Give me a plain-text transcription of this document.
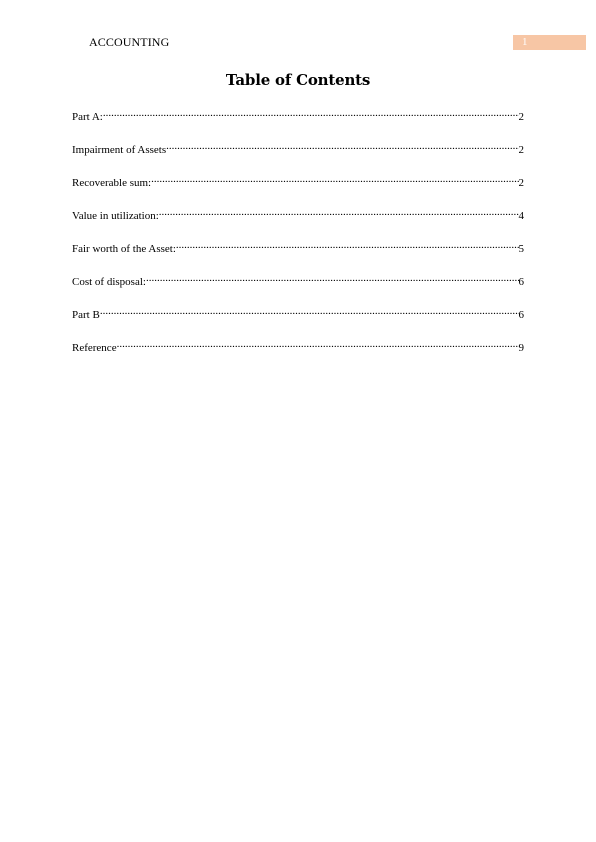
ACCOUNTING	1
Table of Contents
Part A: .....	2
Impairment of Assets .....	2
Recoverable sum: .....	2
Value in utilization: .....	4
Fair worth of the Asset: .....	5
Cost of disposal: .....	6
Part B .....	6
Reference .....	9
